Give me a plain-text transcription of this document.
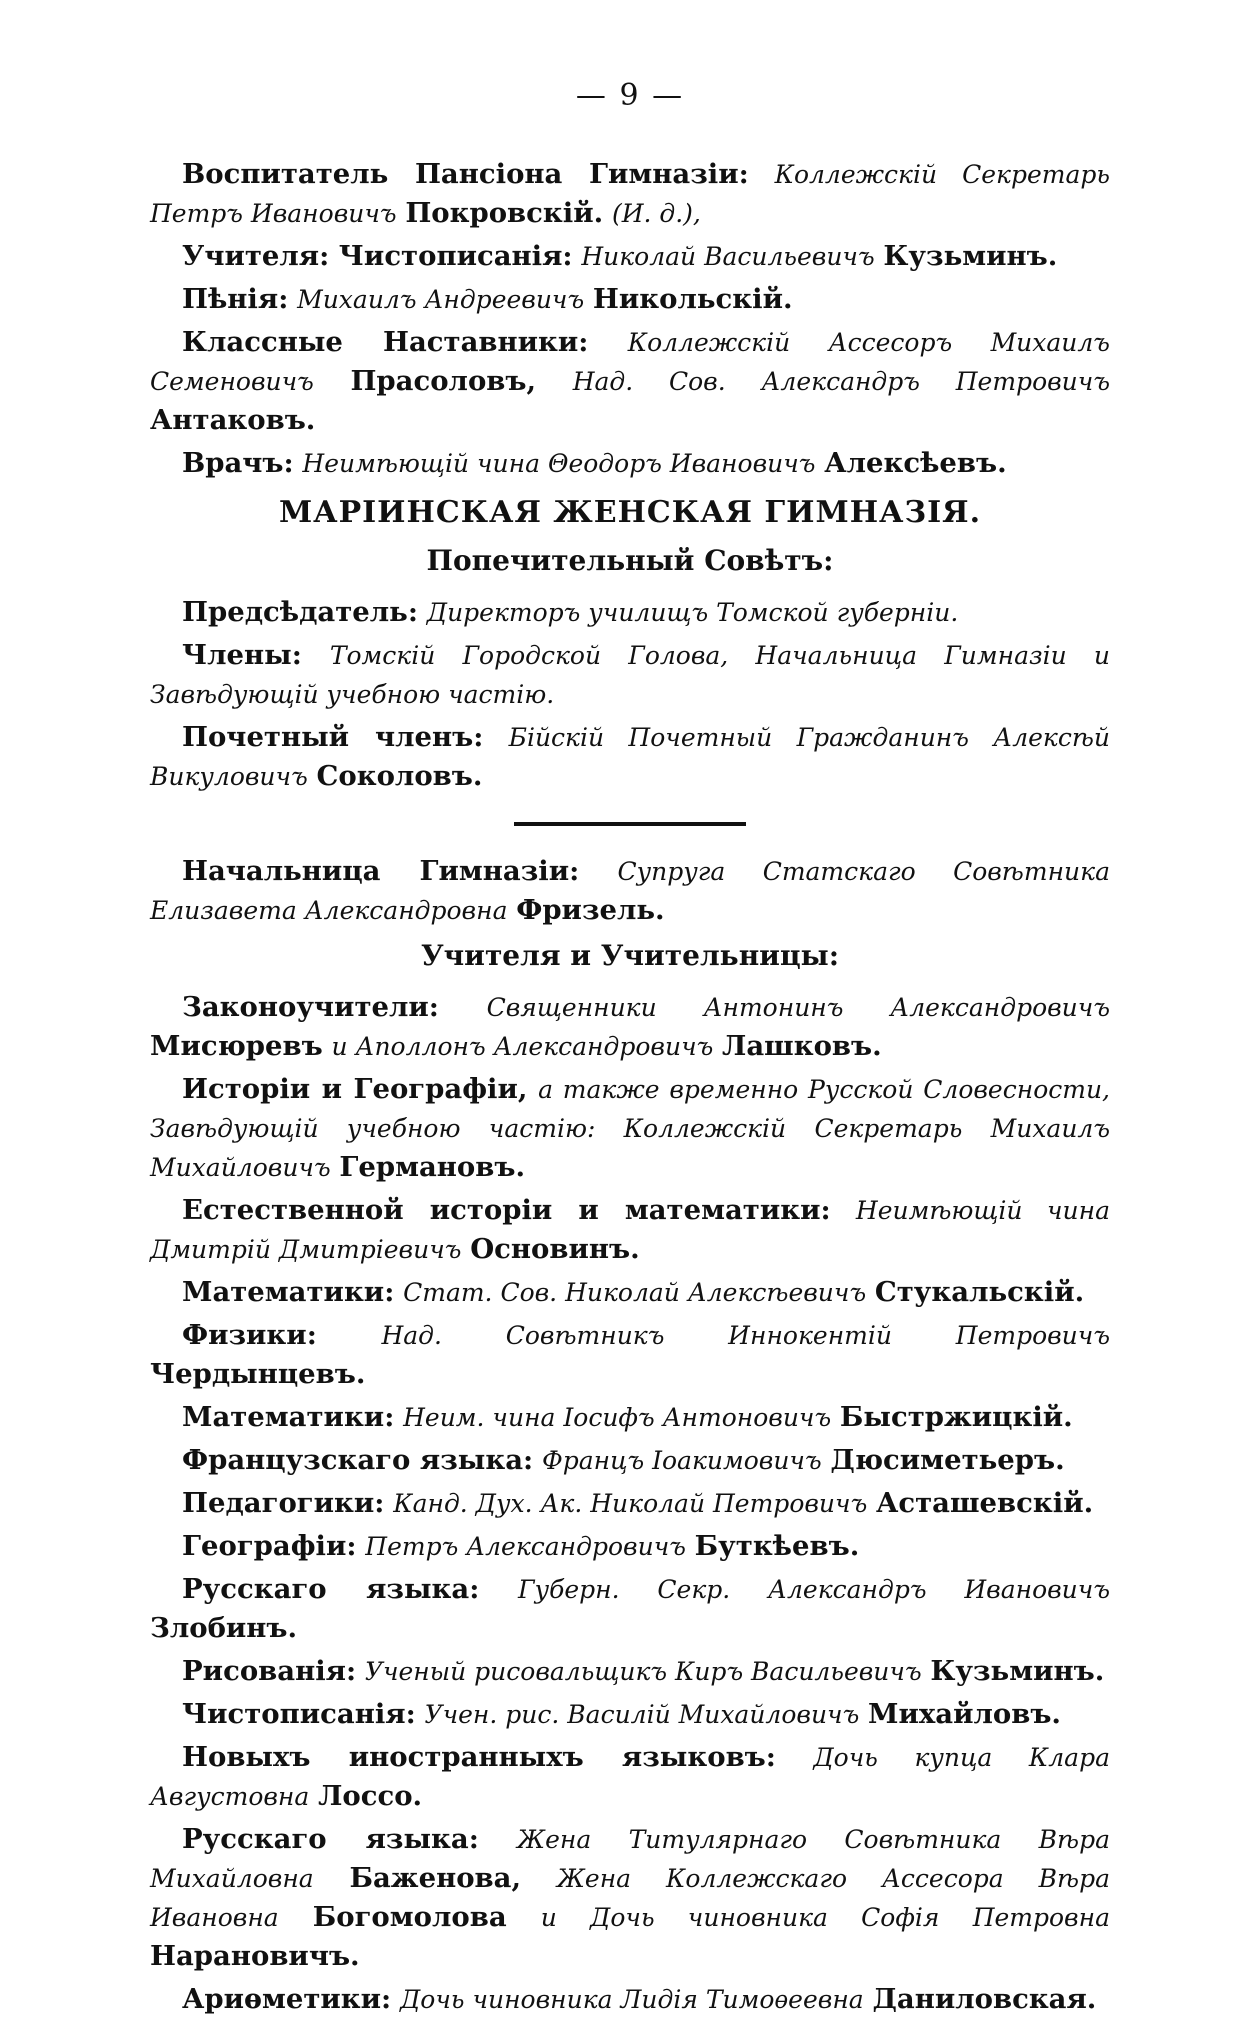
— 9 —
Воспитатель Пансiона Гимназiи: Коллежскiй Секретарь Петръ Ивановичъ Покровскiй. (И. д.),
Учителя: Чистописанiя: Николай Васильевичъ Кузьминъ.
Пѣнiя: Михаилъ Андреевичъ Никольскiй.
Классные Наставники: Коллежскiй Ассесоръ Михаилъ Семеновичъ Прасоловъ, Над. Сов. Александръ Петровичъ Антаковъ.
Врачъ: Неимѣющiй чина Θеодоръ Ивановичъ Алексѣевъ.
МАРIИНСКАЯ ЖЕНСКАЯ ГИМНАЗIЯ.
Попечительный Совѣтъ:
Предсѣдатель: Директоръ училищъ Томской губернiи.
Члены: Томскiй Городской Голова, Начальница Гимназiи и Завѣдующiй учебною частiю.
Почетный членъ: Бiйскiй Почетный Гражданинъ Алексѣй Викуловичъ Соколовъ.
Начальница Гимназiи: Супруга Статскаго Совѣтника Елизавета Александровна Фризель.
Учителя и Учительницы:
Законоучители: Священники Антонинъ Александровичъ Мисюревъ и Аполлонъ Александровичъ Лашковъ.
Исторiи и Географiи, а также временно Русской Словесности, Завѣдующiй учебною частiю: Коллежскiй Секретарь Михаилъ Михайловичъ Германовъ.
Естественной исторiи и математики: Неимѣющiй чина Дмитрiй Дмитрiевичъ Основинъ.
Математики: Стат. Сов. Николай Алексѣевичъ Стукальскiй.
Физики:	Над. Совѣтникъ Иннокентiй Петровичъ Чердынцевъ.
Математики: Неим. чина Iосифъ Антоновичъ Быстржицкiй.
Французскаго языка: Францъ Iоакимовичъ Дюсиметьеръ.
Педагогики: Канд. Дух. Ак. Николай Петровичъ Асташевскiй.
Географiи: Петръ Александровичъ Буткѣевъ.
Русскаго языка: Губерн. Секр. Александръ Ивановичъ Злобинъ.
Рисованiя: Ученый рисовальщикъ Киръ Васильевичъ Кузьминъ.
Чистописанiя: Учен. рис. Василiй Михайловичъ Михайловъ.
Новыхъ иностранныхъ языковъ: Дочь купца Клара Августовна Лоссо.
Русскаго языка: Жена Титулярнаго Совѣтника Вѣра Михайловна Баженова, Жена Коллежскаго Ассесора Вѣра Ивановна Богомолова и Дочь чиновника Софiя Петровна Нарановичъ.
Ариѳметики: Дочь чиновника Лидiя Тимоѳеевна Даниловская.
